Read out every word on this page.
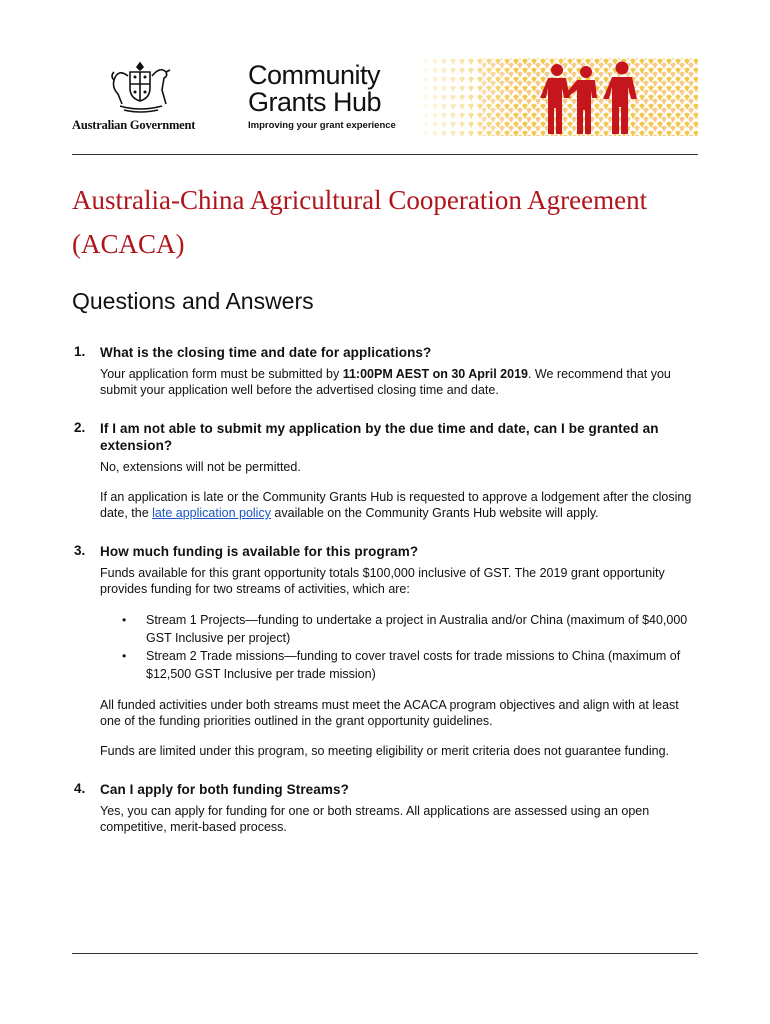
Australian Government
Community
Grants Hub
Improving your grant experience
Australia-China Agricultural Cooperation Agreement (ACACA)
Questions and Answers
1. What is the closing time and date for applications?

Your application form must be submitted by 11:00PM AEST on 30 April 2019. We recommend that you submit your application well before the advertised closing time and date.

2. If I am not able to submit my application by the due time and date, can I be granted an extension?

No, extensions will not be permitted.

If an application is late or the Community Grants Hub is requested to approve a lodgement after the closing date, the late application policy available on the Community Grants Hub website will apply.

3. How much funding is available for this program?

Funds available for this grant opportunity totals $100,000 inclusive of GST. The 2019 grant opportunity provides funding for two streams of activities, which are:

• Stream 1 Projects—funding to undertake a project in Australia and/or China (maximum of $40,000 GST Inclusive per project)
• Stream 2 Trade missions—funding to cover travel costs for trade missions to China (maximum of $12,500 GST Inclusive per trade mission)

All funded activities under both streams must meet the ACACA program objectives and align with at least one of the funding priorities outlined in the grant opportunity guidelines.

Funds are limited under this program, so meeting eligibility or merit criteria does not guarantee funding.

4. Can I apply for both funding Streams?

Yes, you can apply for funding for one or both streams. All applications are assessed using an open competitive, merit-based process.
